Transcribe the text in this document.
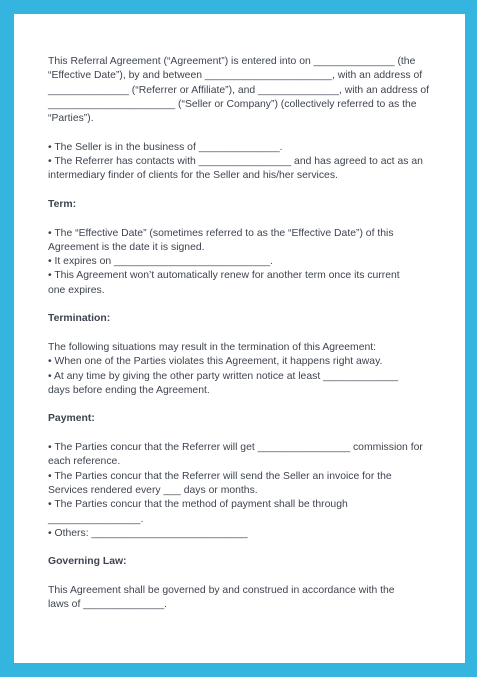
This Referral Agreement (“Agreement”) is entered into on ______________ (the
“Effective Date”), by and between ______________________, with an address of
______________ (“Referrer or Affiliate”), and ______________, with an address of
______________________ (“Seller or Company”) (collectively referred to as the
“Parties”).
• The Seller is in the business of ______________.
• The Referrer has contacts with ________________ and has agreed to act as an
intermediary finder of clients for the Seller and his/her services.
Term:
• The “Effective Date” (sometimes referred to as the “Effective Date”) of this
Agreement is the date it is signed.
• It expires on ___________________________.
• This Agreement won’t automatically renew for another term once its current
one expires.
Termination:
The following situations may result in the termination of this Agreement:
• When one of the Parties violates this Agreement, it happens right away.
• At any time by giving the other party written notice at least _____________
days before ending the Agreement.
Payment:
• The Parties concur that the Referrer will get ________________ commission for
each reference.
• The Parties concur that the Referrer will send the Seller an invoice for the
Services rendered every ___ days or months.
• The Parties concur that the method of payment shall be through
________________.
• Others: ___________________________
Governing Law:
This Agreement shall be governed by and construed in accordance with the
laws of ______________.
